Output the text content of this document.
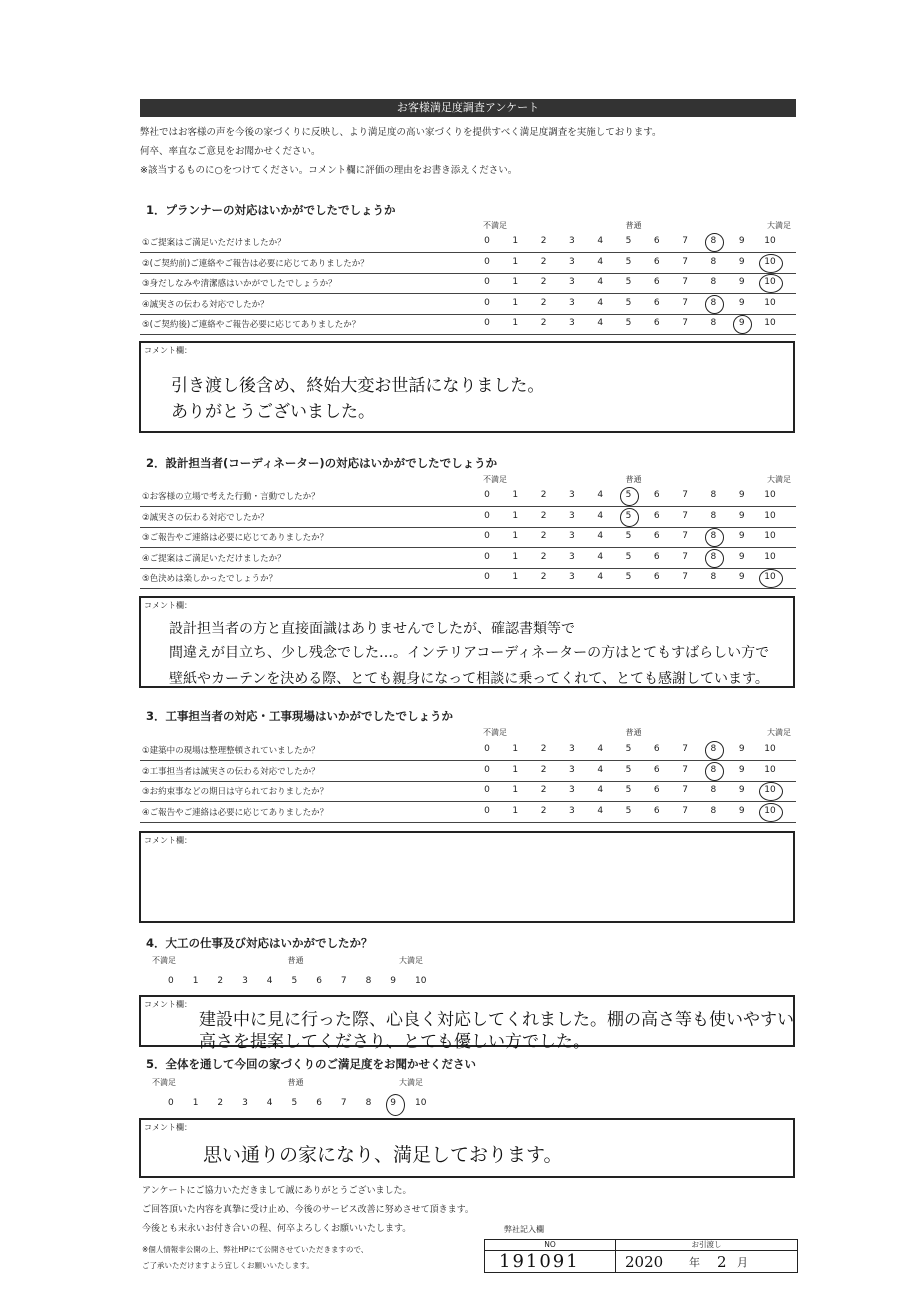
お客様満足度調査アンケート
弊社ではお客様の声を今後の家づくりに反映し、より満足度の高い家づくりを提供すべく満足度調査を実施しております。
何卒、率直なご意見をお聞かせください。
※該当するものに○をつけてください。コメント欄に評価の理由をお書き添えください。
1．プランナーの対応はいかがでしたでしょうか
不満足	普通	大満足
①ご提案はご満足いただけましたか？	0	1	2	3	4	5	6	7	8	9	10
②(ご契約前)ご連絡やご報告は必要に応じてありましたか？	0	1	2	3	4	5	6	7	8	9	10
③身だしなみや清潔感はいかがでしたでしょうか？	0	1	2	3	4	5	6	7	8	9	10
④誠実さの伝わる対応でしたか？	0	1	2	3	4	5	6	7	8	9	10
⑤(ご契約後)ご連絡やご報告必要に応じてありましたか？	0	1	2	3	4	5	6	7	8	9	10
コメント欄：
引き渡し後含め、終始大変お世話になりました。
ありがとうございました。
2．設計担当者(コーディネーター)の対応はいかがでしたでしょうか
不満足	普通	大満足
①お客様の立場で考えた行動・言動でしたか？	0	1	2	3	4	5	6	7	8	9	10
②誠実さの伝わる対応でしたか？	0	1	2	3	4	5	6	7	8	9	10
③ご報告やご連絡は必要に応じてありましたか？	0	1	2	3	4	5	6	7	8	9	10
④ご提案はご満足いただけましたか？	0	1	2	3	4	5	6	7	8	9	10
⑤色決めは楽しかったでしょうか？	0	1	2	3	4	5	6	7	8	9	10
コメント欄：
設計担当者の方と直接面識はありませんでしたが、確認書類等で
間違えが目立ち、少し残念でした…。インテリアコーディネーターの方はとてもすばらしい方で
壁紙やカーテンを決める際、とても親身になって相談に乗ってくれて、とても感謝しています。
3．工事担当者の対応・工事現場はいかがでしたでしょうか
不満足	普通	大満足
①建築中の現場は整理整頓されていましたか？	0	1	2	3	4	5	6	7	8	9	10
②工事担当者は誠実さの伝わる対応でしたか？	0	1	2	3	4	5	6	7	8	9	10
③お約束事などの期日は守られておりましたか？	0	1	2	3	4	5	6	7	8	9	10
④ご報告やご連絡は必要に応じてありましたか？	0	1	2	3	4	5	6	7	8	9	10
コメント欄：
4．大工の仕事及び対応はいかがでしたか？
不満足	普通	大満足
0 1 2 3 4 5 6 7 8 9 10
コメント欄：
建設中に見に行った際、心良く対応してくれました。棚の高さ等も使いやすい
高さを提案してくださり、とても優しい方でした。
5．全体を通して今回の家づくりのご満足度をお聞かせください
不満足	普通	大満足
0 1 2 3 4 5 6 7 8 9 10
コメント欄：
思い通りの家になり、満足しております。
アンケートにご協力いただきまして誠にありがとうございました。
ご回答頂いた内容を真摯に受け止め、今後のサービス改善に努めさせて頂きます。
今後とも末永いお付き合いの程、何卒よろしくお願いいたします。	弊社記入欄
※個人情報非公開の上、弊社HPにて公開させていただきますので、
ご了承いただけますよう宜しくお願いいたします。
NO	お引渡し
191091	2020 年 2 月
